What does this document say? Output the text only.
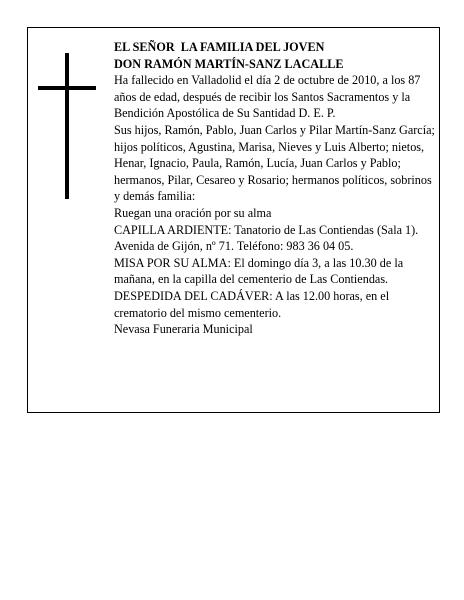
EL SEÑOR  LA FAMILIA DEL JOVEN
DON RAMÓN MARTÍN-SANZ LACALLE

Ha fallecido en Valladolid el día 2 de octubre de 2010, a los 87 años de edad, después de recibir los Santos Sacramentos y la Bendición Apostólica de Su Santidad D. E. P.

Sus hijos, Ramón, Pablo, Juan Carlos y Pilar Martín-Sanz García; hijos políticos, Agustina, Marisa, Nieves y Luis Alberto; nietos, Henar, Ignacio, Paula, Ramón, Lucía, Juan Carlos y Pablo; hermanos, Pilar, Cesareo y Rosario; hermanos políticos, sobrinos y demás familia:

Ruegan una oración por su alma

CAPILLA ARDIENTE: Tanatorio de Las Contiendas (Sala 1). Avenida de Gijón, nº 71. Teléfono: 983 36 04 05.

MISA POR SU ALMA: El domingo día 3, a las 10.30 de la mañana, en la capilla del cementerio de Las Contiendas.

DESPEDIDA DEL CADÁVER: A las 12.00 horas, en el crematorio del mismo cementerio.

Nevasa Funeraria Municipal
